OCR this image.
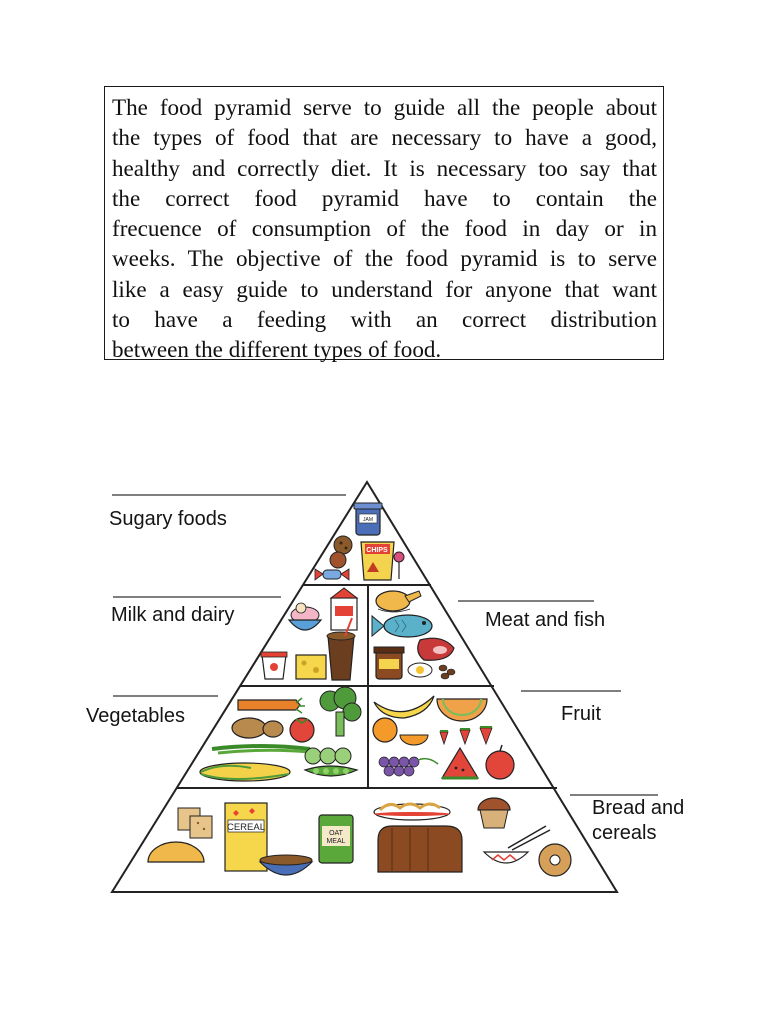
The food pyramid serve to guide all the people about
the types of food that are necessary to have a good,
healthy and correctly diet. It is necessary too say that
the correct food pyramid have to contain the
frecuence of consumption of the food in day or in
weeks. The objective of the food pyramid is to serve
like a easy guide to understand for anyone that want
to have a feeding with an correct distribution
between the different types of food.
Sugary foods
Milk and dairy	Meat and fish
Vegetables	Fruit
Bread and
cereals
JAM
CHIPS
CEREAL
OAT
MEAL
